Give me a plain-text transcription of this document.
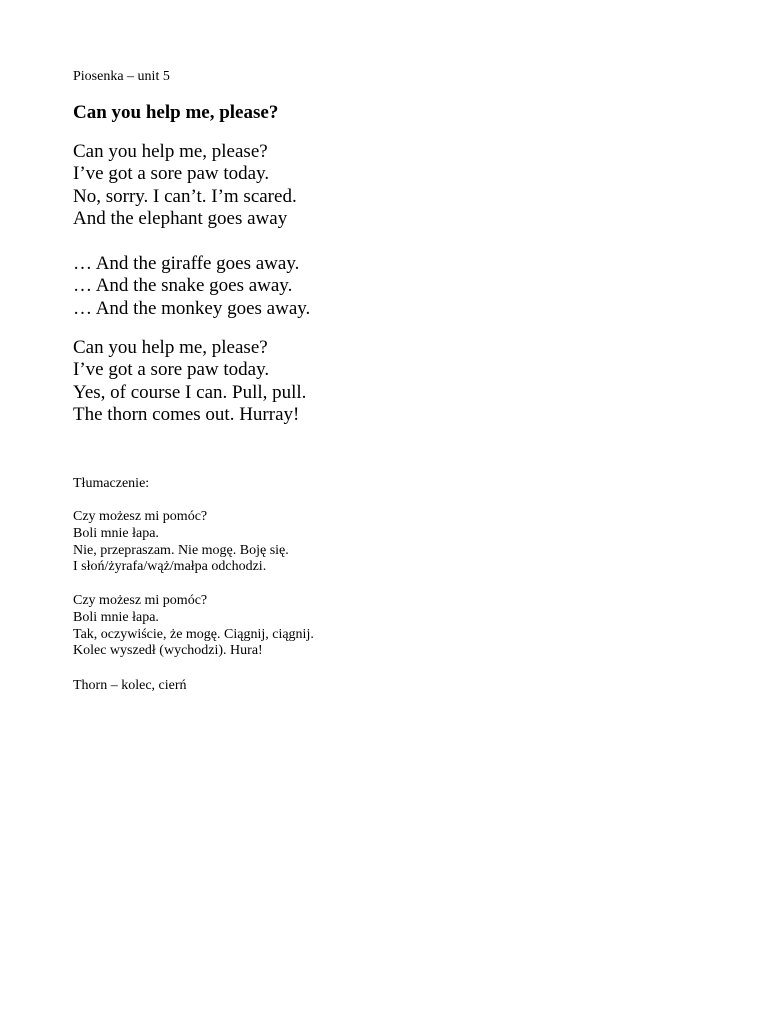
Piosenka – unit 5
Can you help me, please?
Can you help me, please?
I’ve got a sore paw today.
No, sorry. I can’t. I’m scared.
And the elephant goes away
… And the giraffe goes away.
… And the snake goes away.
… And the monkey goes away.
Can you help me, please?
I’ve got a sore paw today.
Yes, of course I can. Pull, pull.
The thorn comes out. Hurray!
Tłumaczenie:
Czy możesz mi pomóc?
Boli mnie łapa.
Nie, przepraszam. Nie mogę. Boję się.
I słoń/żyrafa/wąż/małpa odchodzi.
Czy możesz mi pomóc?
Boli mnie łapa.
Tak, oczywiście, że mogę. Ciągnij, ciągnij.
Kolec wyszedł (wychodzi). Hura!
Thorn – kolec, cierń
